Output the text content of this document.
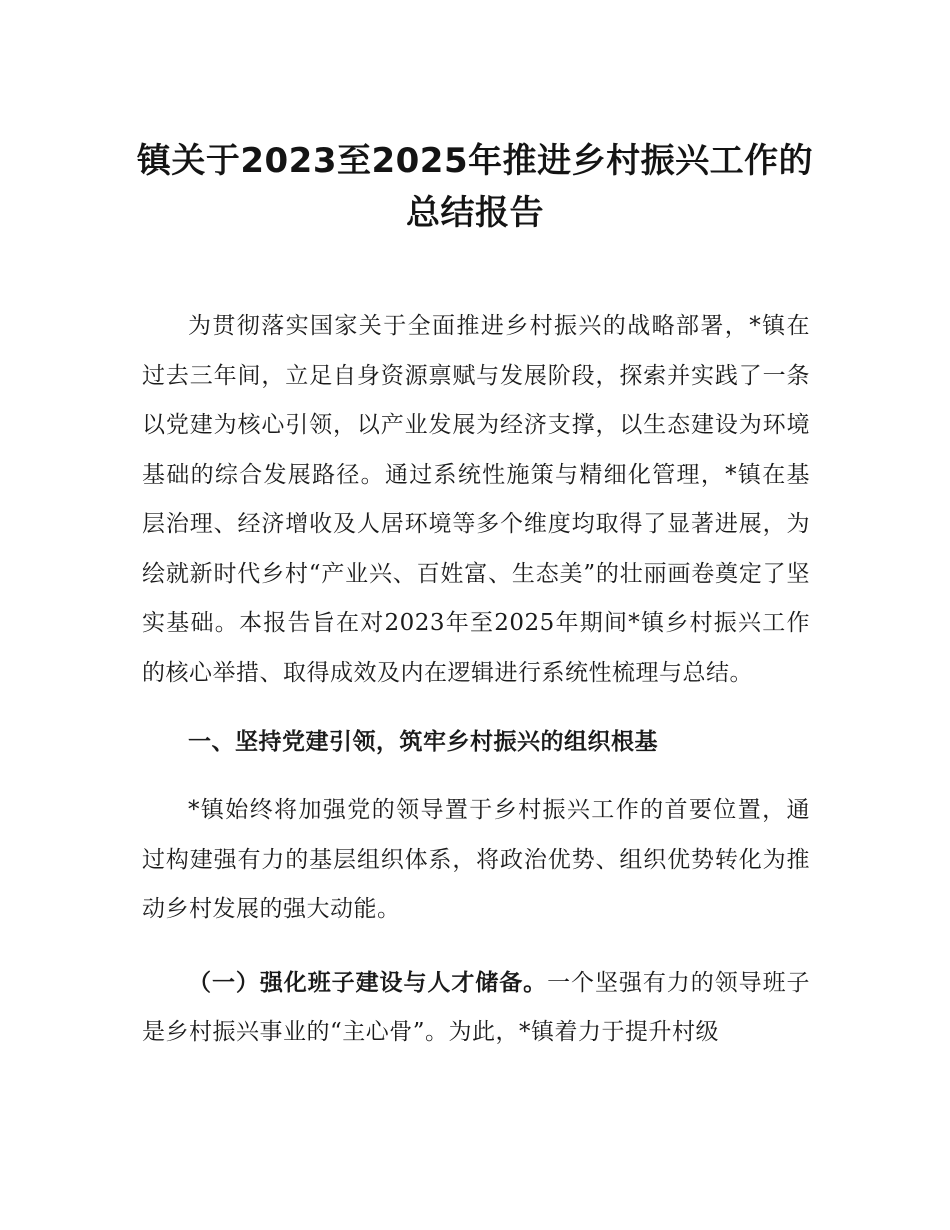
镇关于2023至2025年推进乡村振兴工作的
总结报告

为贯彻落实国家关于全面推进乡村振兴的战略部署，*镇在过去三年间，立足自身资源禀赋与发展阶段，探索并实践了一条以党建为核心引领，以产业发展为经济支撑，以生态建设为环境基础的综合发展路径。通过系统性施策与精细化管理，*镇在基层治理、经济增收及人居环境等多个维度均取得了显著进展，为绘就新时代乡村“产业兴、百姓富、生态美”的壮丽画卷奠定了坚实基础。本报告旨在对2023年至2025年期间*镇乡村振兴工作的核心举措、取得成效及内在逻辑进行系统性梳理与总结。

一、坚持党建引领，筑牢乡村振兴的组织根基

*镇始终将加强党的领导置于乡村振兴工作的首要位置，通过构建强有力的基层组织体系，将政治优势、组织优势转化为推动乡村发展的强大动能。

（一）强化班子建设与人才储备。一个坚强有力的领导班子是乡村振兴事业的“主心骨”。为此，*镇着力于提升村级
